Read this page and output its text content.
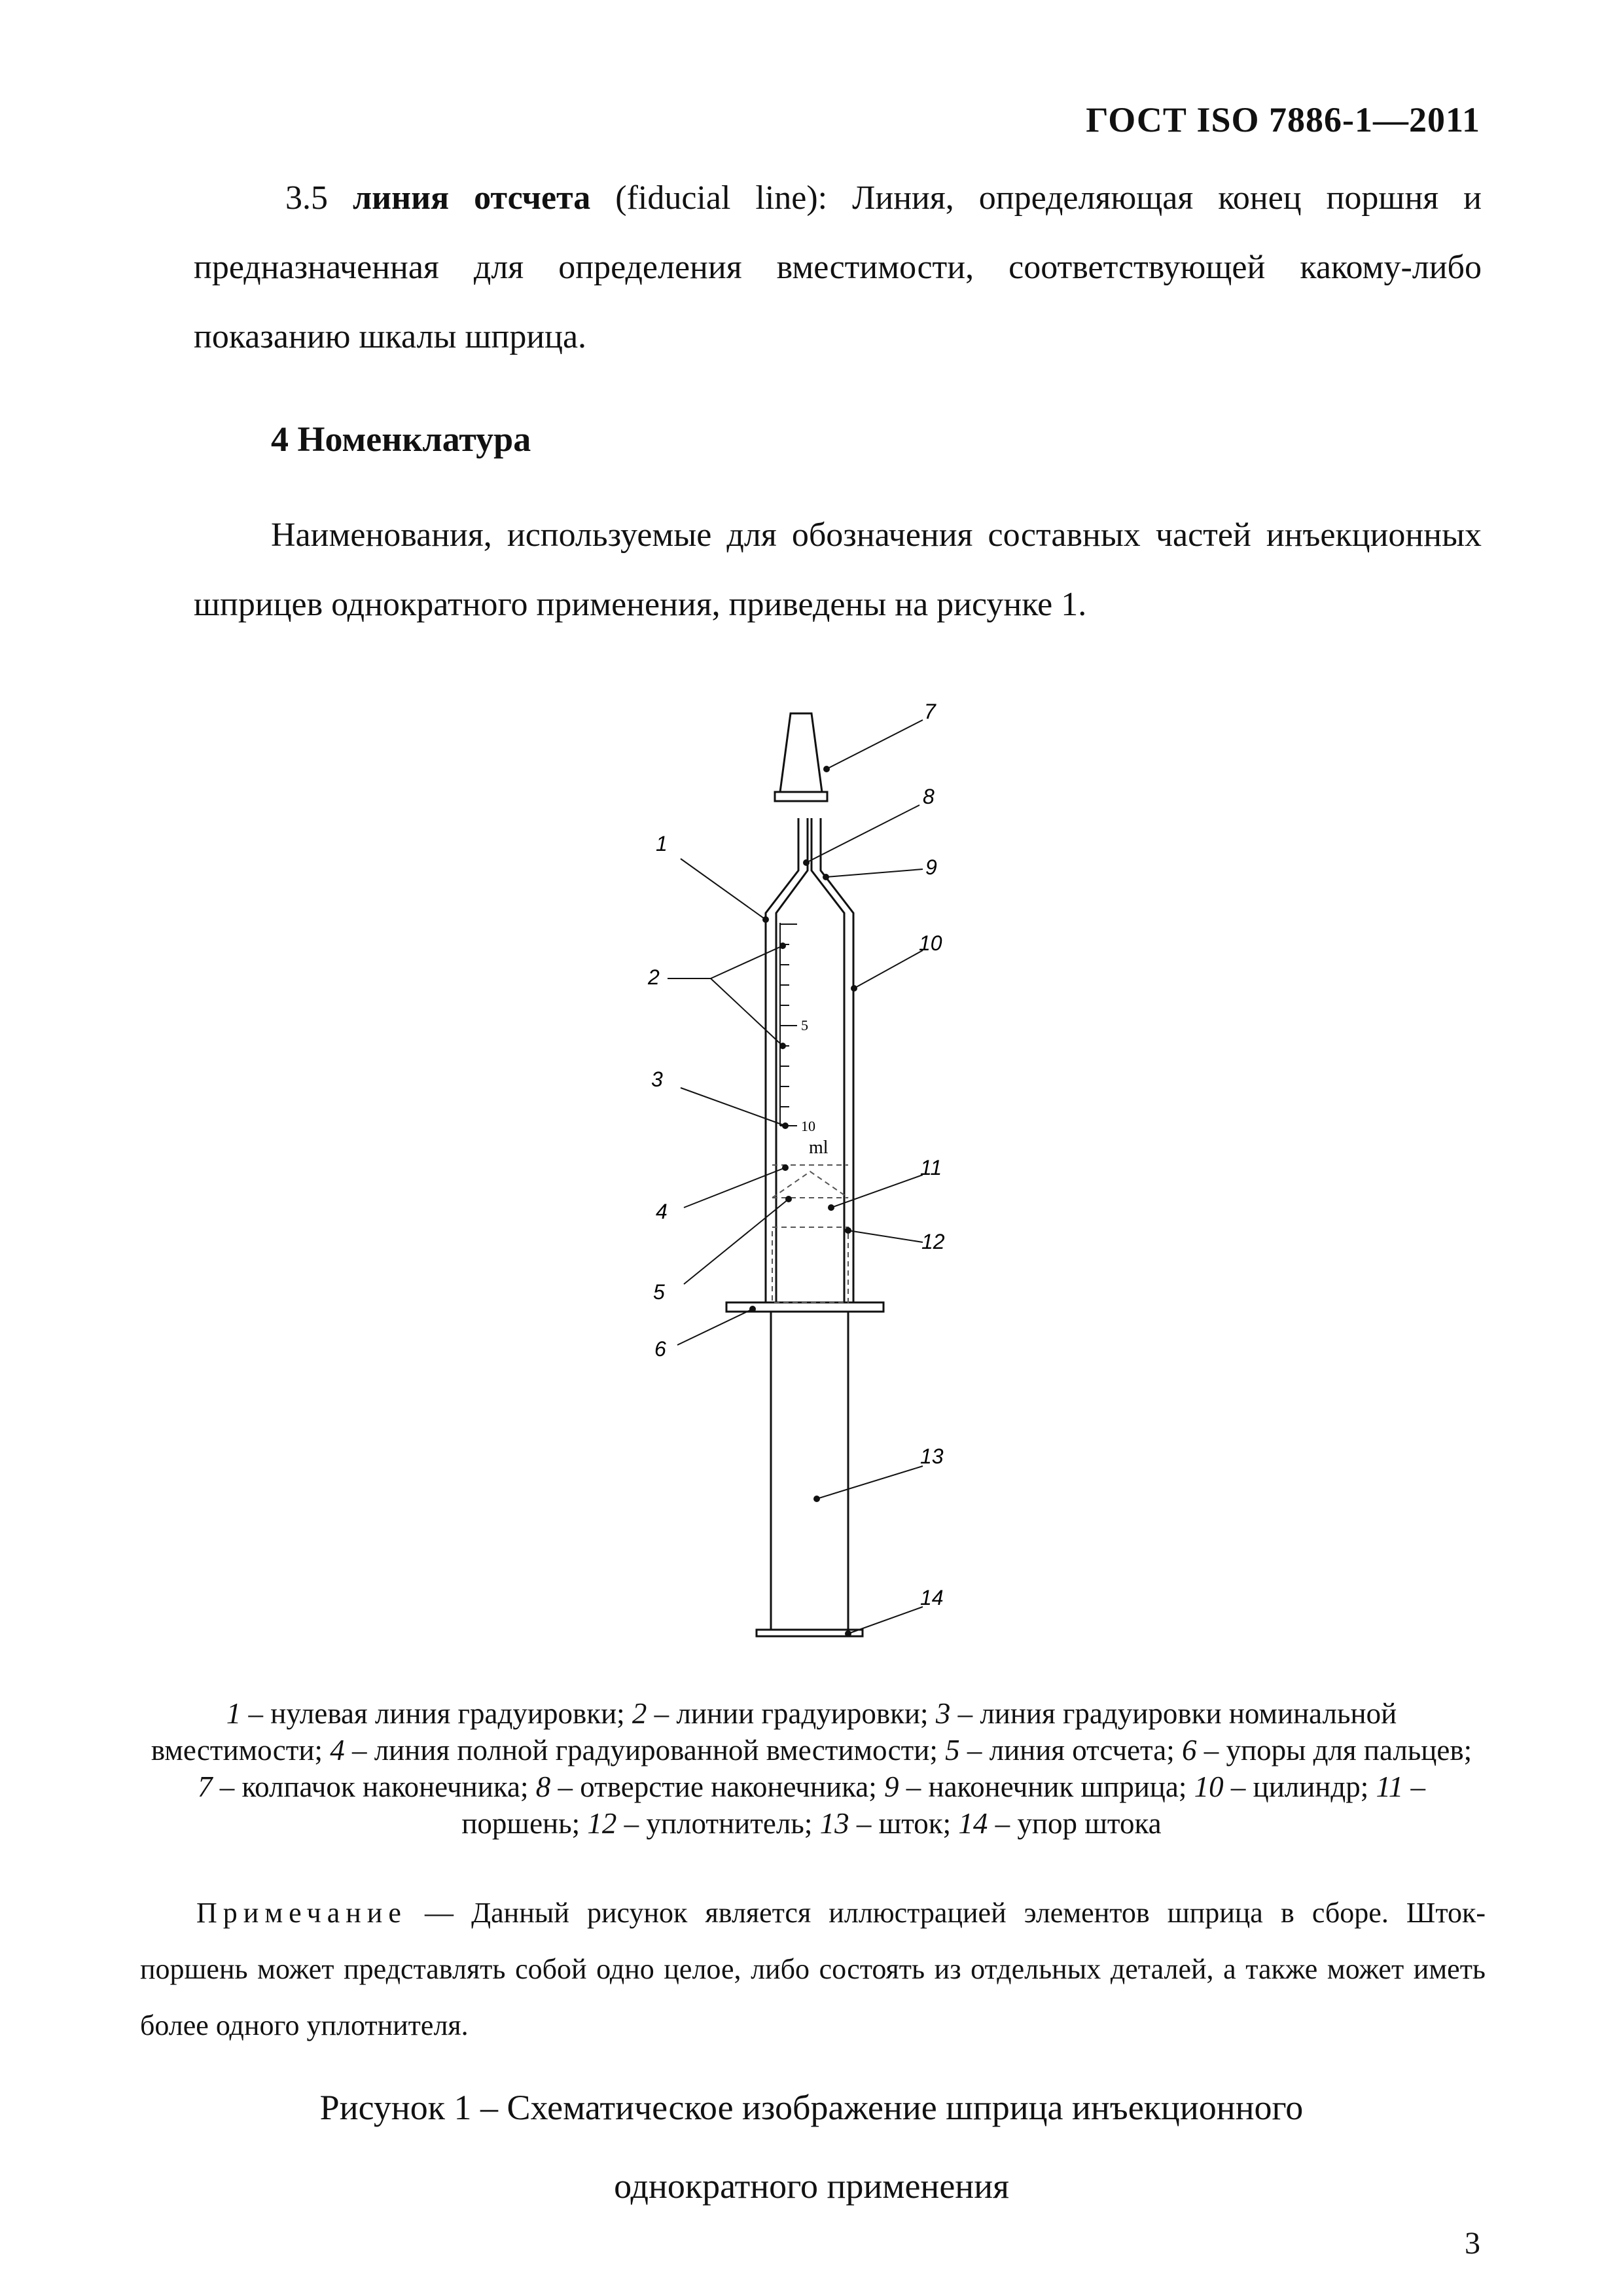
ГОСТ ISO 7886-1—2011
3.5 линия отсчета (fiducial line): Линия, определяющая конец поршня и предназначенная для определения вместимости, соответствующей какому-либо показанию шкалы шприца.
4 Номенклатура
Наименования, используемые для обозначения составных частей инъекционных шприцев однократного применения, приведены на рисунке 1.
5
10
ml
1
2
3
4
5
6
7
8
9
10
11
12
13
14
1 – нулевая линия градуировки; 2 – линии градуировки; 3 – линия градуировки номинальной вместимости; 4 – линия полной градуированной вместимости; 5 – линия отсчета; 6 – упоры для пальцев; 7 – колпачок наконечника; 8 – отверстие наконечника; 9 – наконечник шприца; 10 – цилиндр; 11 – поршень; 12 – уплотнитель; 13 – шток; 14 – упор штока
Примечание — Данный рисунок является иллюстрацией элементов шприца в сборе. Шток-поршень может представлять собой одно целое, либо состоять из отдельных деталей, а также может иметь более одного уплотнителя.
Рисунок 1 – Схематическое изображение шприца инъекционного
однократного применения
3
